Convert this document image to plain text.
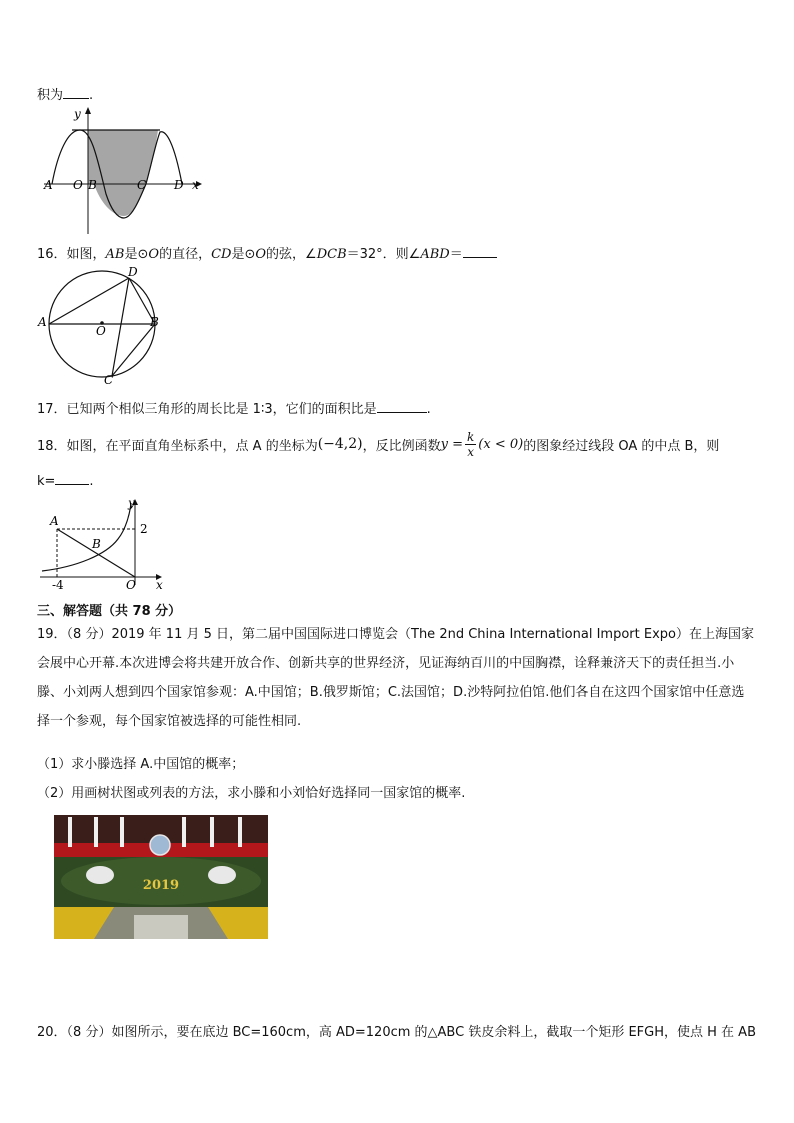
积为 .
y
A O B	C D x
16．如图，AB是⊙O的直径，CD是⊙O的弦，∠DCB＝32°．则∠ABD＝
A	B
C
D
O
17．已知两个相似三角形的周长比是 1∶3，它们的面积比是	.
18．如图，在平面直角坐标系中，点 A 的坐标为 (−4,2) ，反比例函数 $y = \frac{k}{x} (x < 0)$ 的图象经过线段 OA 的中点 B，则
k=	.
A
B
y
2
-4	O x
三、解答题（共 78 分）
19．（8 分）2019 年 11 月 5 日，第二届中国国际进口博览会（The 2nd China International Import Expo）在上海国家会展中心开幕.本次进博会将共建开放合作、创新共享的世界经济，见证海纳百川的中国胸襟，诠释兼济天下的责任担当.小滕、小刘两人想到四个国家馆参观：A.中国馆；B.俄罗斯馆；C.法国馆；D.沙特阿拉伯馆.他们各自在这四个国家馆中任意选择一个参观，每个国家馆被选择的可能性相同.
（1）求小滕选择 A.中国馆的概率；
（2）用画树状图或列表的方法，求小滕和小刘恰好选择同一国家馆的概率.
2019
20．（8 分）如图所示，要在底边 BC=160cm，高 AD=120cm 的△ABC 铁皮余料上，截取一个矩形 EFGH，使点 H 在 AB
